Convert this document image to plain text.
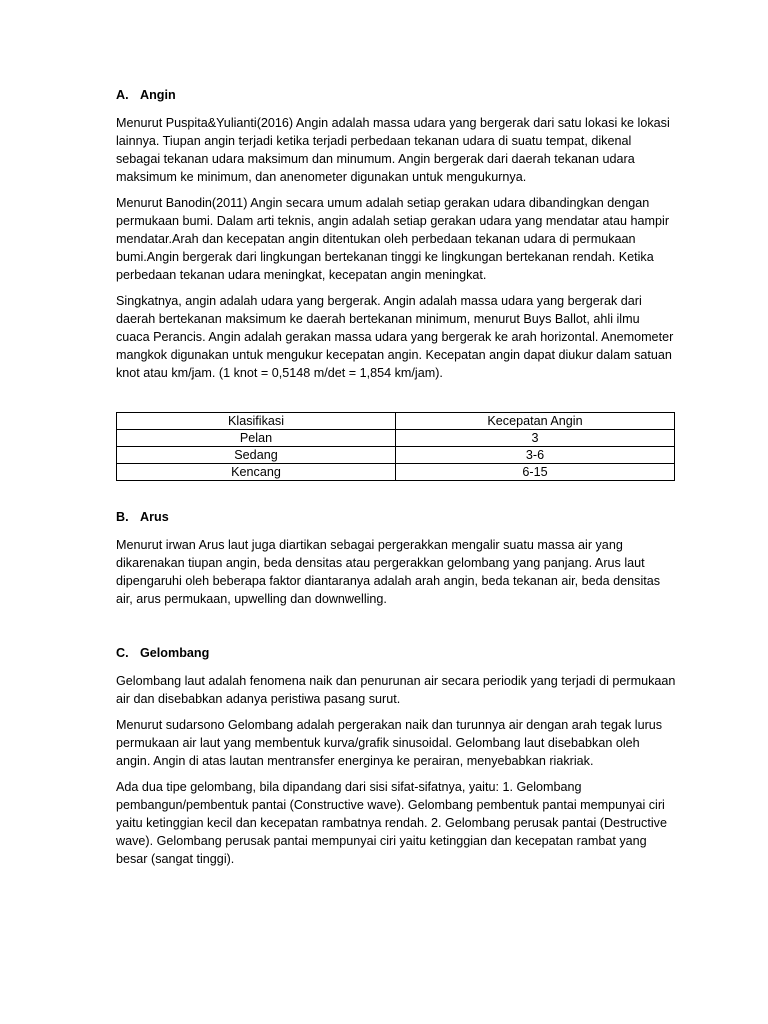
A. Angin

Menurut Puspita&Yulianti(2016) Angin adalah massa udara yang bergerak dari satu lokasi ke lokasi lainnya. Tiupan angin terjadi ketika terjadi perbedaan tekanan udara di suatu tempat, dikenal sebagai tekanan udara maksimum dan minumum. Angin bergerak dari daerah tekanan udara maksimum ke minimum, dan anenometer digunakan untuk mengukurnya.

Menurut Banodin(2011) Angin secara umum adalah setiap gerakan udara dibandingkan dengan permukaan bumi. Dalam arti teknis, angin adalah setiap gerakan udara yang mendatar atau hampir mendatar.Arah dan kecepatan angin ditentukan oleh perbedaan tekanan udara di permukaan bumi.Angin bergerak dari lingkungan bertekanan tinggi ke lingkungan bertekanan rendah. Ketika perbedaan tekanan udara meningkat, kecepatan angin meningkat.

Singkatnya, angin adalah udara yang bergerak. Angin adalah massa udara yang bergerak dari daerah bertekanan maksimum ke daerah bertekanan minimum, menurut Buys Ballot, ahli ilmu cuaca Perancis. Angin adalah gerakan massa udara yang bergerak ke arah horizontal. Anemometer mangkok digunakan untuk mengukur kecepatan angin. Kecepatan angin dapat diukur dalam satuan knot atau km/jam. (1 knot = 0,5148 m/det = 1,854 km/jam).

Klasifikasi	Kecepatan Angin
Pelan	3
Sedang	3-6
Kencang	6-15
B. Arus

Menurut irwan Arus laut juga diartikan sebagai pergerakkan mengalir suatu massa air yang dikarenakan tiupan angin, beda densitas atau pergerakkan gelombang yang panjang. Arus laut dipengaruhi oleh beberapa faktor diantaranya adalah arah angin, beda tekanan air, beda densitas air, arus permukaan, upwelling dan downwelling.

C. Gelombang

Gelombang laut adalah fenomena naik dan penurunan air secara periodik yang terjadi di permukaan air dan disebabkan adanya peristiwa pasang surut.

Menurut sudarsono Gelombang adalah pergerakan naik dan turunnya air dengan arah tegak lurus permukaan air laut yang membentuk kurva/grafik sinusoidal. Gelombang laut disebabkan oleh angin. Angin di atas lautan mentransfer energinya ke perairan, menyebabkan riakriak.

Ada dua tipe gelombang, bila dipandang dari sisi sifat-sifatnya, yaitu: 1. Gelombang pembangun/pembentuk pantai (Constructive wave). Gelombang pembentuk pantai mempunyai ciri yaitu ketinggian kecil dan kecepatan rambatnya rendah. 2. Gelombang perusak pantai (Destructive wave). Gelombang perusak pantai mempunyai ciri yaitu ketinggian dan kecepatan rambat yang besar (sangat tinggi).
